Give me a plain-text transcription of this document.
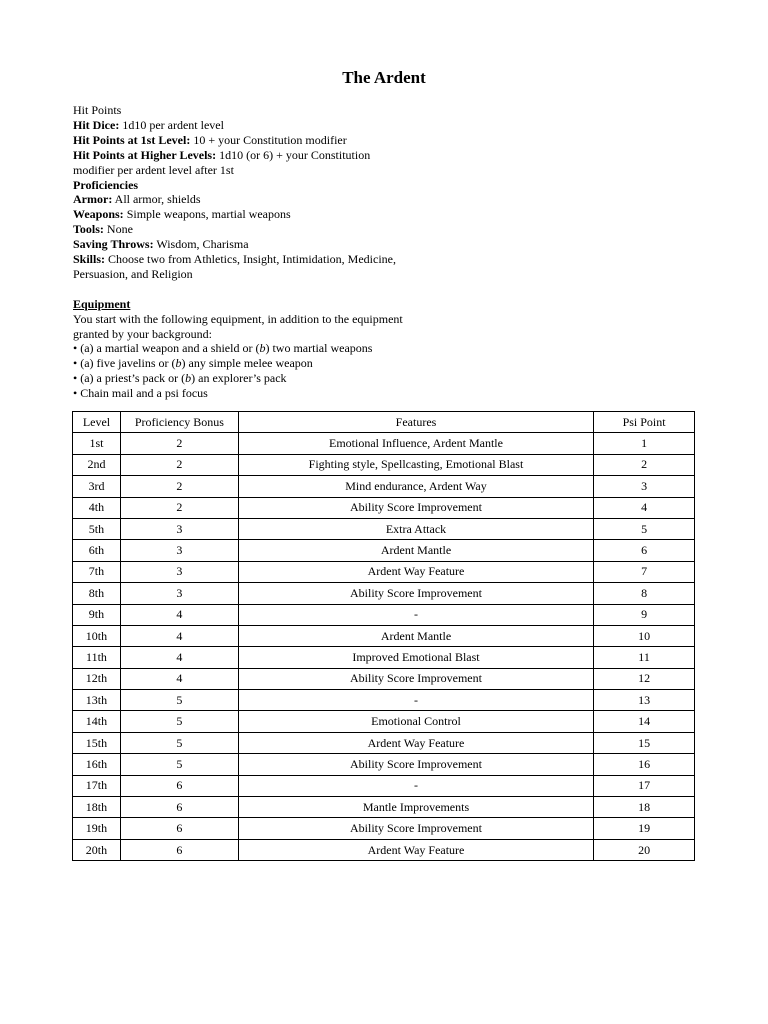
The Ardent
Hit Points
Hit Dice: 1d10 per ardent level
Hit Points at 1st Level: 10 + your Constitution modifier
Hit Points at Higher Levels: 1d10 (or 6) + your Constitution modifier per ardent level after 1st
Proficiencies
Armor: All armor, shields
Weapons: Simple weapons, martial weapons
Tools: None
Saving Throws: Wisdom, Charisma
Skills: Choose two from Athletics, Insight, Intimidation, Medicine, Persuasion, and Religion
Equipment
You start with the following equipment, in addition to the equipment granted by your background:
• (a) a martial weapon and a shield or (b) two martial weapons
• (a) five javelins or (b) any simple melee weapon
• (a) a priest’s pack or (b) an explorer’s pack
• Chain mail and a psi focus
Level	Proficiency Bonus	Features	Psi Point
1st	2	Emotional Influence, Ardent Mantle	1
2nd	2	Fighting style, Spellcasting, Emotional Blast	2
3rd	2	Mind endurance, Ardent Way	3
4th	2	Ability Score Improvement	4
5th	3	Extra Attack	5
6th	3	Ardent Mantle	6
7th	3	Ardent Way Feature	7
8th	3	Ability Score Improvement	8
9th	4	-	9
10th	4	Ardent Mantle	10
11th	4	Improved Emotional Blast	11
12th	4	Ability Score Improvement	12
13th	5	-	13
14th	5	Emotional Control	14
15th	5	Ardent Way Feature	15
16th	5	Ability Score Improvement	16
17th	6	-	17
18th	6	Mantle Improvements	18
19th	6	Ability Score Improvement	19
20th	6	Ardent Way Feature	20
